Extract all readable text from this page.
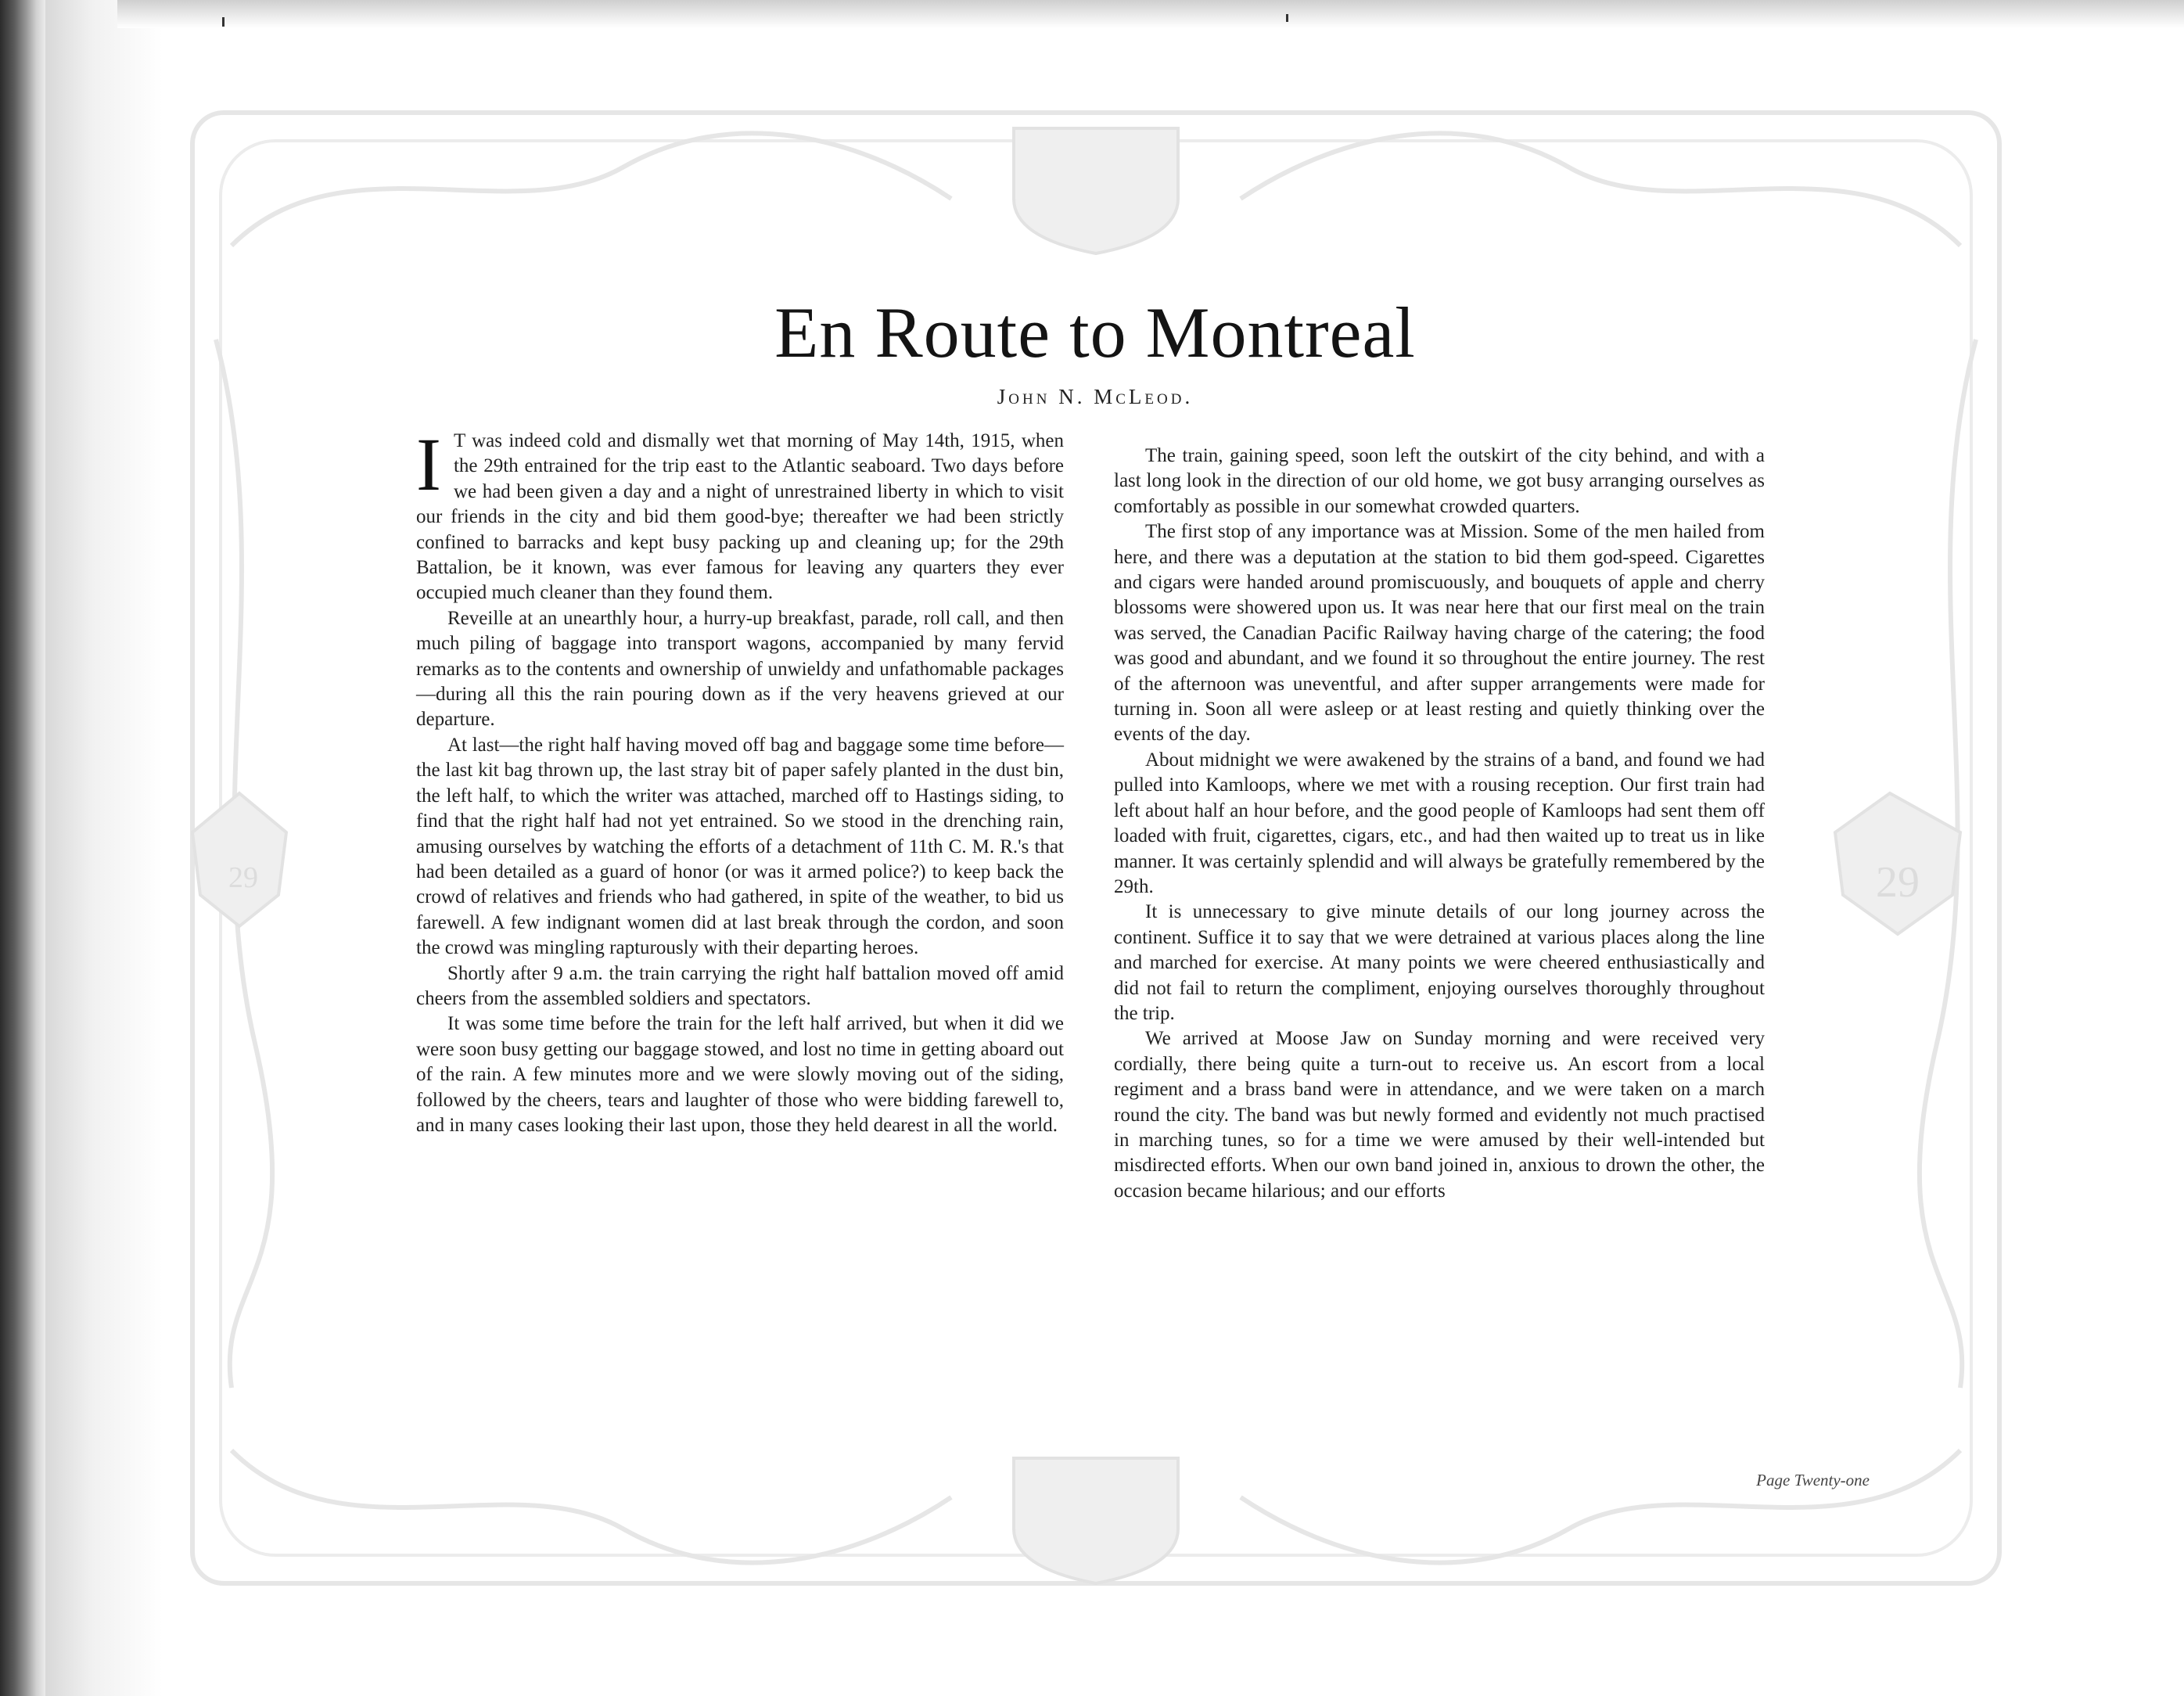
29	29
En Route to Montreal
John N. McLeod.

I T was indeed cold and dismally wet that morning of May 14th, 1915, when the 29th entrained for the trip east to the Atlantic seaboard. Two days before we had been given a day and a night of unrestrained liberty in which to visit our friends in the city and bid them good-bye; thereafter we had been strictly confined to barracks and kept busy packing up and cleaning up; for the 29th Battalion, be it known, was ever famous for leaving any quarters they ever occupied much cleaner than they found them.

Reveille at an unearthly hour, a hurry-up breakfast, parade, roll call, and then much piling of baggage into transport wagons, accompanied by many fervid remarks as to the contents and ownership of unwieldy and unfathomable packages—during all this the rain pouring down as if the very heavens grieved at our departure.

At last—the right half having moved off bag and baggage some time before—the last kit bag thrown up, the last stray bit of paper safely planted in the dust bin, the left half, to which the writer was attached, marched off to Hastings siding, to find that the right half had not yet entrained. So we stood in the drenching rain, amusing ourselves by watching the efforts of a detachment of 11th C. M. R.'s that had been detailed as a guard of honor (or was it armed police?) to keep back the crowd of relatives and friends who had gathered, in spite of the weather, to bid us farewell. A few indignant women did at last break through the cordon, and soon the crowd was mingling rapturously with their departing heroes.

Shortly after 9 a.m. the train carrying the right half battalion moved off amid cheers from the assembled soldiers and spectators.

It was some time before the train for the left half arrived, but when it did we were soon busy getting our baggage stowed, and lost no time in getting aboard out of the rain. A few minutes more and we were slowly moving out of the siding, followed by the cheers, tears and laughter of those who were bidding farewell to, and in many cases looking their last upon, those they held dearest in all the world.

The train, gaining speed, soon left the outskirt of the city behind, and with a last long look in the direction of our old home, we got busy arranging ourselves as comfortably as possible in our somewhat crowded quarters.

The first stop of any importance was at Mission. Some of the men hailed from here, and there was a deputation at the station to bid them god-speed. Cigarettes and cigars were handed around promiscuously, and bouquets of apple and cherry blossoms were showered upon us. It was near here that our first meal on the train was served, the Canadian Pacific Railway having charge of the catering; the food was good and abundant, and we found it so throughout the entire journey. The rest of the afternoon was uneventful, and after supper arrangements were made for turning in. Soon all were asleep or at least resting and quietly thinking over the events of the day.

About midnight we were awakened by the strains of a band, and found we had pulled into Kamloops, where we met with a rousing reception. Our first train had left about half an hour before, and the good people of Kamloops had sent them off loaded with fruit, cigarettes, cigars, etc., and had then waited up to treat us in like manner. It was certainly splendid and will always be gratefully remembered by the 29th.

It is unnecessary to give minute details of our long journey across the continent. Suffice it to say that we were detrained at various places along the line and marched for exercise. At many points we were cheered enthusiastically and did not fail to return the compliment, enjoying ourselves thoroughly throughout the trip.

We arrived at Moose Jaw on Sunday morning and were received very cordially, there being quite a turn-out to receive us. An escort from a local regiment and a brass band were in attendance, and we were taken on a march round the city. The band was but newly formed and evidently not much practised in marching tunes, so for a time we were amused by their well-intended but misdirected efforts. When our own band joined in, anxious to drown the other, the occasion became hilarious; and our efforts

Page Twenty-one
